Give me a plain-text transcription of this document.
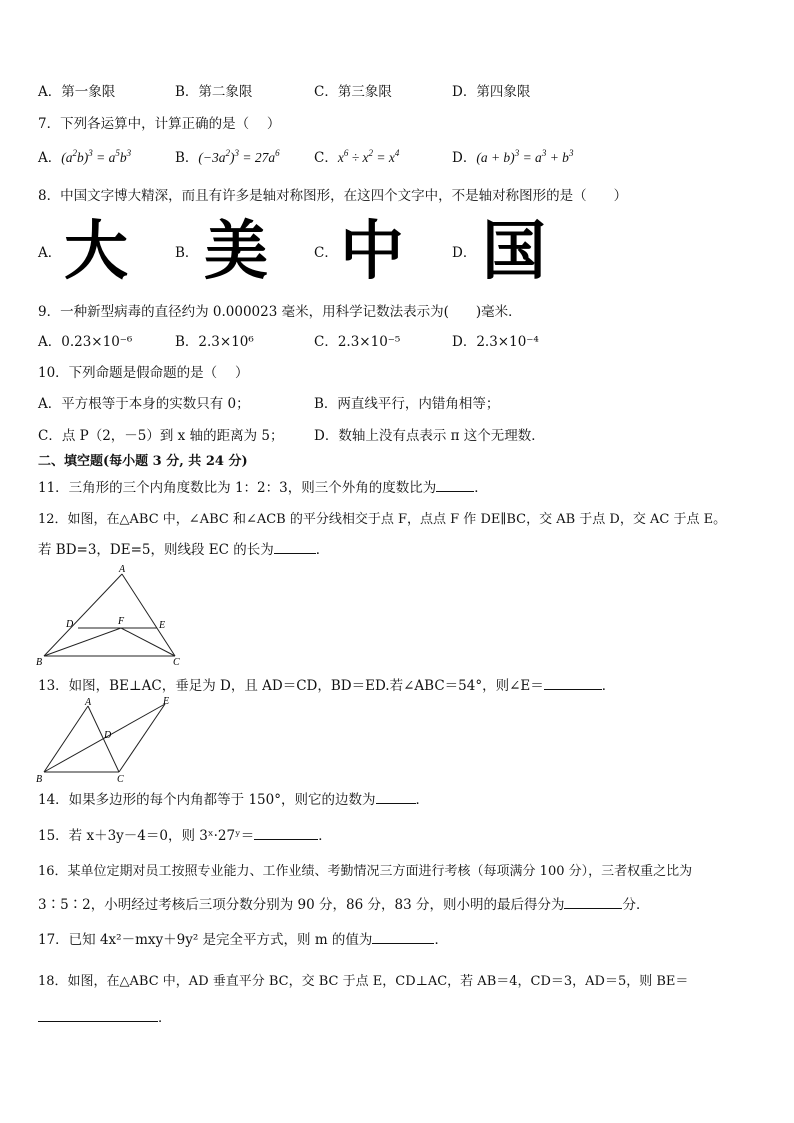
A．第一象限	B．第二象限	C．第三象限	D．第四象限
7．下列各运算中，计算正确的是（　 ）
A．$(a^2b)^3 = a^5b^3$	B．$(-3a^2)^3 = 27a^6$	C．$x^6 \div x^2 = x^4$	D．$(a + b)^3 = a^3 + b^3$
8．中国文字博大精深，而且有许多是轴对称图形，在这四个文字中，不是轴对称图形的是（　　）
A． 大	B． 美	C． 中	D． 国
9．一种新型病毒的直径约为 0.000023 毫米，用科学记数法表示为(　　)毫米．
A．0.23×10⁻⁶	B．2.3×10⁶	C．2.3×10⁻⁵	D．2.3×10⁻⁴
10．下列命题是假命题的是（　 ）
A．平方根等于本身的实数只有 0；	B．两直线平行，内错角相等；
C．点 P（2，－5）到 x 轴的距离为 5； D．数轴上没有点表示 π 这个无理数．
二、填空题(每小题 3 分, 共 24 分)
11．三角形的三个内角度数比为 1：2：3，则三个外角的度数比为	．
12．如图，在△ABC 中，∠ABC 和∠ACB 的平分线相交于点 F，点点 F 作 DE∥BC，交 AB 于点 D，交 AC 于点 E。
若 BD=3，DE=5，则线段 EC 的长为	．
A
D	F	E
B	C
13．如图，BE⊥AC，垂足为 D，且 AD＝CD，BD＝ED.若∠ABC＝54°，则∠E＝	．
A	E
D
B	C
14．如果多边形的每个内角都等于 150°，则它的边数为	．
15．若 x＋3y－4＝0，则 3ˣ·27ʸ＝	．
16．某单位定期对员工按照专业能力、工作业绩、考勤情况三方面进行考核（每项满分 100 分），三者权重之比为
3∶5∶2，小明经过考核后三项分数分别为 90 分，86 分，83 分，则小明的最后得分为	分．
17．已知 4x²－mxy＋9y² 是完全平方式，则 m 的值为	．
18．如图，在△ABC 中，AD 垂直平分 BC，交 BC 于点 E，CD⊥AC，若 AB＝4，CD＝3，AD＝5，则 BE＝
．
